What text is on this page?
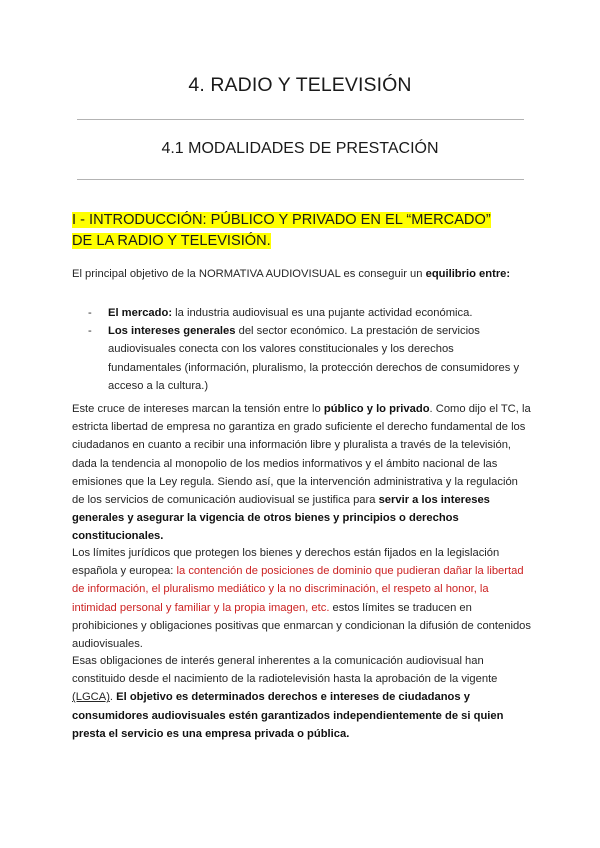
4. RADIO Y TELEVISIÓN
4.1 MODALIDADES DE PRESTACIÓN
I - INTRODUCCIÓN: PÚBLICO Y PRIVADO EN EL “MERCADO”
DE LA RADIO Y TELEVISIÓN.
El principal objetivo de la NORMATIVA AUDIOVISUAL es conseguir un equilibrio entre:
- El mercado: la industria audiovisual es una pujante actividad económica.
- Los intereses generales del sector económico. La prestación de servicios audiovisuales conecta con los valores constitucionales y los derechos fundamentales (información, pluralismo, la protección derechos de consumidores y acceso a la cultura.)
Este cruce de intereses marcan la tensión entre lo público y lo privado. Como dijo el TC, la estricta libertad de empresa no garantiza en grado suficiente el derecho fundamental de los ciudadanos en cuanto a recibir una información libre y pluralista a través de la televisión, dada la tendencia al monopolio de los medios informativos y el ámbito nacional de las emisiones que la Ley regula. Siendo así, que la intervención administrativa y la regulación de los servicios de comunicación audiovisual se justifica para servir a los intereses generales y asegurar la vigencia de otros bienes y principios o derechos constitucionales.
Los límites jurídicos que protegen los bienes y derechos están fijados en la legislación española y europea: la contención de posiciones de dominio que pudieran dañar la libertad de información, el pluralismo mediático y la no discriminación, el respeto al honor, la intimidad personal y familiar y la propia imagen, etc. estos límites se traducen en prohibiciones y obligaciones positivas que enmarcan y condicionan la difusión de contenidos audiovisuales.
Esas obligaciones de interés general inherentes a la comunicación audiovisual han constituido desde el nacimiento de la radiotelevisión hasta la aprobación de la vigente (LGCA). El objetivo es determinados derechos e intereses de ciudadanos y consumidores audiovisuales estén garantizados independientemente de si quien presta el servicio es una empresa privada o pública.
